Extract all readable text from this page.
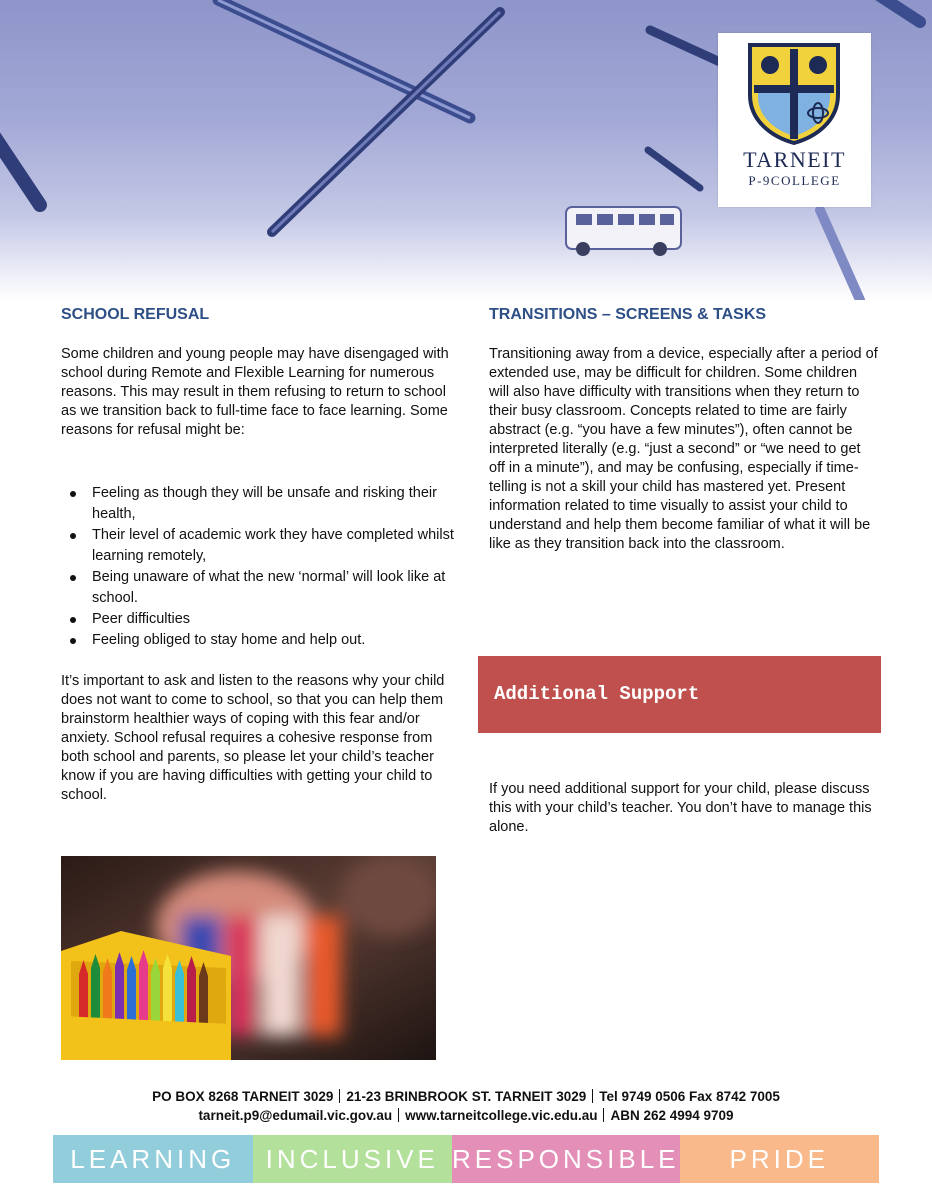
TARNEIT
P-9COLLEGE
SCHOOL REFUSAL

Some children and young people may have disengaged with school during Remote and Flexible Learning for numerous reasons. This may result in them refusing to return to school as we transition back to full-time face to face learning. Some reasons for refusal might be:

Feeling as though they will be unsafe and risking their health,
Their level of academic work they have completed whilst learning remotely,
Being unaware of what the new ‘normal’ will look like at school.
Peer difficulties
Feeling obliged to stay home and help out.

It’s important to ask and listen to the reasons why your child does not want to come to school, so that you can help them brainstorm healthier ways of coping with this fear and/or anxiety. School refusal requires a cohesive response from both school and parents, so please let your child’s teacher know if you are having difficulties with getting your child to school.

TRANSITIONS – SCREENS & TASKS

Transitioning away from a device, especially after a period of extended use, may be difficult for children. Some children will also have difficulty with transitions when they return to their busy classroom. Concepts related to time are fairly abstract (e.g. “you have a few minutes”), often cannot be interpreted literally (e.g. “just a second” or “we need to get off in a minute”), and may be confusing, especially if time-telling is not a skill your child has mastered yet. Present information related to time visually to assist your child to understand and help them become familiar of what it will be like as they transition back into the classroom.

Additional Support

If you need additional support for your child, please discuss this with your child’s teacher. You don’t have to manage this alone.

PO BOX 8268 TARNEIT 3029 21-23 BRINBROOK ST. TARNEIT 3029 Tel 9749 0506 Fax 8742 7005

tarneit.p9@edumail.vic.gov.au www.tarneitcollege.vic.edu.au ABN 262 4994 9709

LEARNING	INCLUSIVE RESPONSIBLE	PRIDE
